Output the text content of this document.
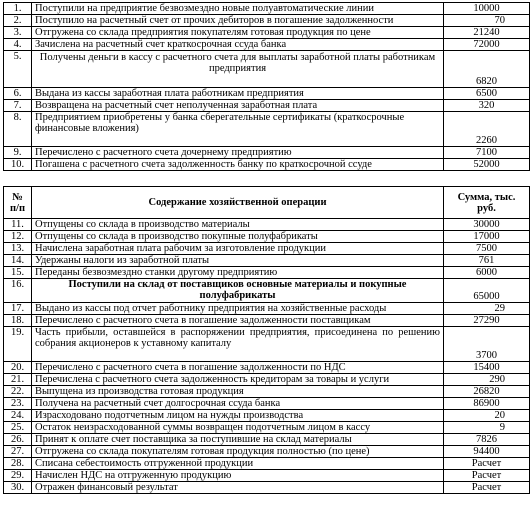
1.	Поступили на предприятие безвозмездно новые полуавтоматические линии	10000
2.	Поступило на расчетный счет от прочих дебиторов в погашение задолженности	70
3.	Отгружена со склада предприятия покупателям готовая продукция по цене	21240
4.	Зачислена на расчетный счет краткосрочная ссуда банка	72000
5.	Получены деньги в кассу с расчетного счета для выплаты заработной платы работникам предприятия	6820
6.	Выдана из кассы заработная плата работникам предприятия	6500
7.	Возвращена на расчетный счет неполученная заработная плата	320
8.	Предприятием приобретены у банка сберегательные сертификаты (краткосрочные финансовые вложения)	2260
9.	Перечислено с расчетного счета дочернему предприятию	7100
10.	Погашена с расчетного счета задолженность банку по краткосрочной ссуде	52000
№ п/п	Содержание хозяйственной операции	Сумма, тыс. руб.
11.	Отпущены со склада в производство материалы	30000
12.	Отпущены со склада в производство покупные полуфабрикаты	17000
13.	Начислена заработная плата рабочим за изготовление продукции	7500
14.	Удержаны налоги из заработной платы	761
15.	Переданы безвозмездно станки другому предприятию	6000
16.	Поступили на склад от поставщиков основные материалы и покупные полуфабрикаты	65000
17.	Выдано из кассы под отчет работнику предприятия на хозяйственные расходы	29
18.	Перечислено с расчетного счета в погашение задолженности поставщикам	27290
19.	Часть прибыли, оставшейся в распоряжении предприятия, присоединена по решению собрания акционеров к уставному капиталу	3700
20.	Перечислено с расчетного счета в погашение задолженности по НДС	15400
21.	Перечислена с расчетного счета задолженность кредиторам за товары и услуги	290
22.	Выпущена из производства готовая продукция	26820
23.	Получена на расчетный счет долгосрочная ссуда банка	86900
24.	Израсходовано подотчетным лицом на нужды производства	20
25.	Остаток неизрасходованной суммы возвращен подотчетным лицом в кассу	9
26.	Принят к оплате счет поставщика за поступившие на склад материалы	7826
27.	Отгружена со склада покупателям готовая продукция полностью (по цене)	94400
28.	Списана себестоимость отгруженной продукции	Расчет
29.	Начислен НДС на отгруженную продукцию	Расчет
30.	Отражен финансовый результат	Расчет
